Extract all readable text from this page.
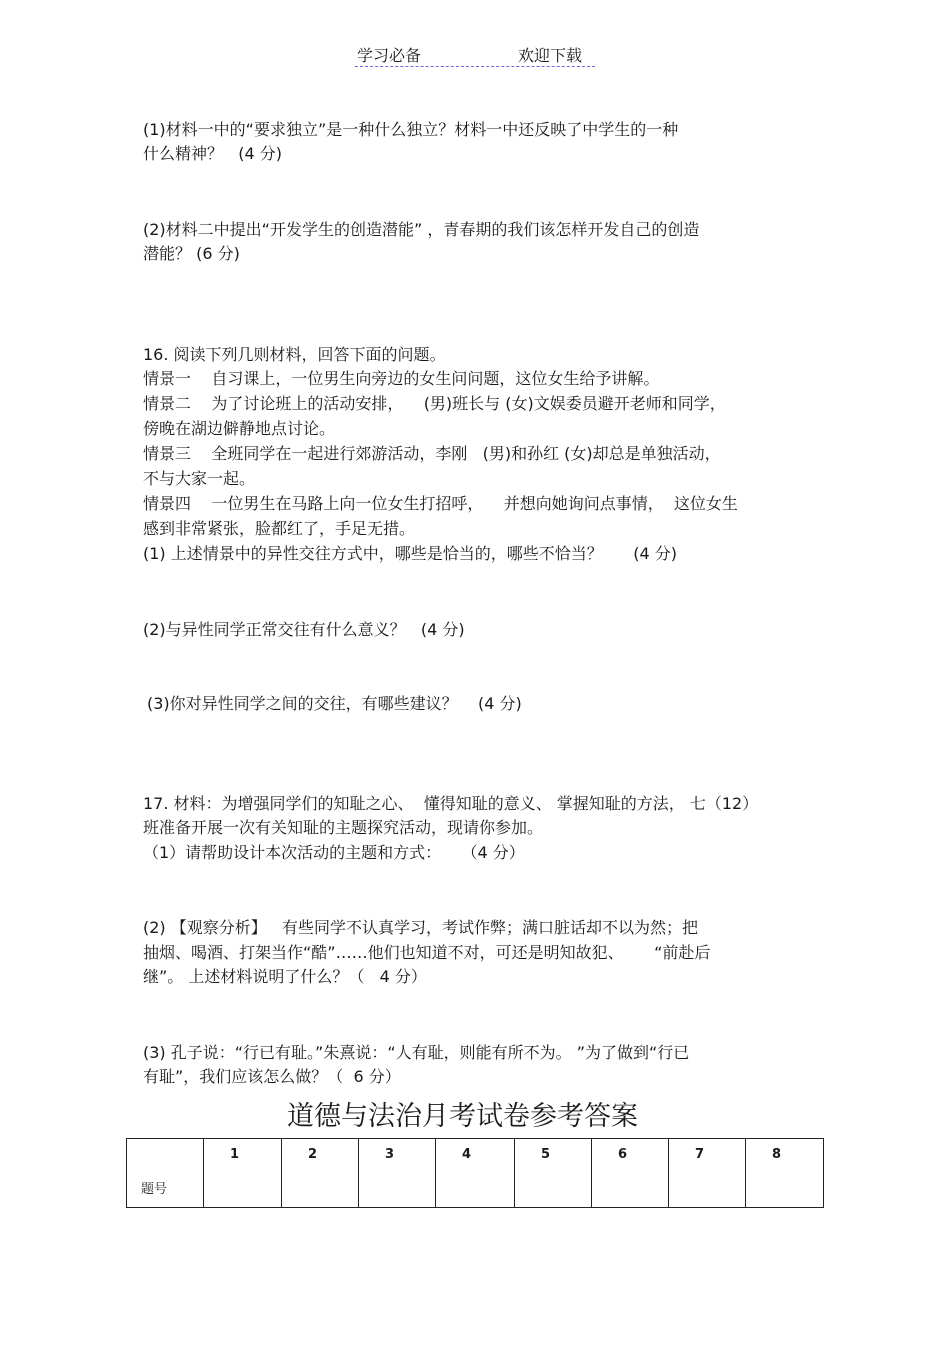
学习必备	欢迎下载
(1)材料一中的“要求独立”是一种什么独立？材料一中还反映了中学生的一种
什么精神？   (4 分)
(2)材料二中提出“开发学生的创造潜能” ，青春期的我们该怎样开发自己的创造
潜能？ (6 分)
16. 阅读下列几则材料，回答下面的问题。
情景一    自习课上，一位男生向旁边的女生问问题，这位女生给予讲解。
情景二    为了讨论班上的活动安排，    (男)班长与 (女)文娱委员避开老师和同学，
傍晚在湖边僻静地点讨论。
情景三    全班同学在一起进行郊游活动，李刚   (男)和孙红 (女)却总是单独活动，
不与大家一起。
情景四    一位男生在马路上向一位女生打招呼，    并想向她询问点事情，  这位女生
感到非常紧张，脸都红了，手足无措。
(1) 上述情景中的异性交往方式中，哪些是恰当的，哪些不恰当？      (4 分)
(2)与异性同学正常交往有什么意义？   (4 分)
(3)你对异性同学之间的交往，有哪些建议？    (4 分)
17. 材料：为增强同学们的知耻之心、  懂得知耻的意义、 掌握知耻的方法， 七（12）
班准备开展一次有关知耻的主题探究活动，现请你参加。
（1）请帮助设计本次活动的主题和方式：    （4 分）
(2) 【观察分析】   有些同学不认真学习，考试作弊；满口脏话却不以为然；把
抽烟、喝酒、打架当作“酷”……他们也知道不对，可还是明知故犯、      “前赴后
继”。 上述材料说明了什么？（   4 分）
(3) 孔子说：“行已有耻。”朱熹说：“人有耻，则能有所不为。 ”为了做到“行已
有耻”，我们应该怎么做？（  6 分）
道德与法治月考试卷参考答案
题号	1	2	3	4	5	6	7	8
